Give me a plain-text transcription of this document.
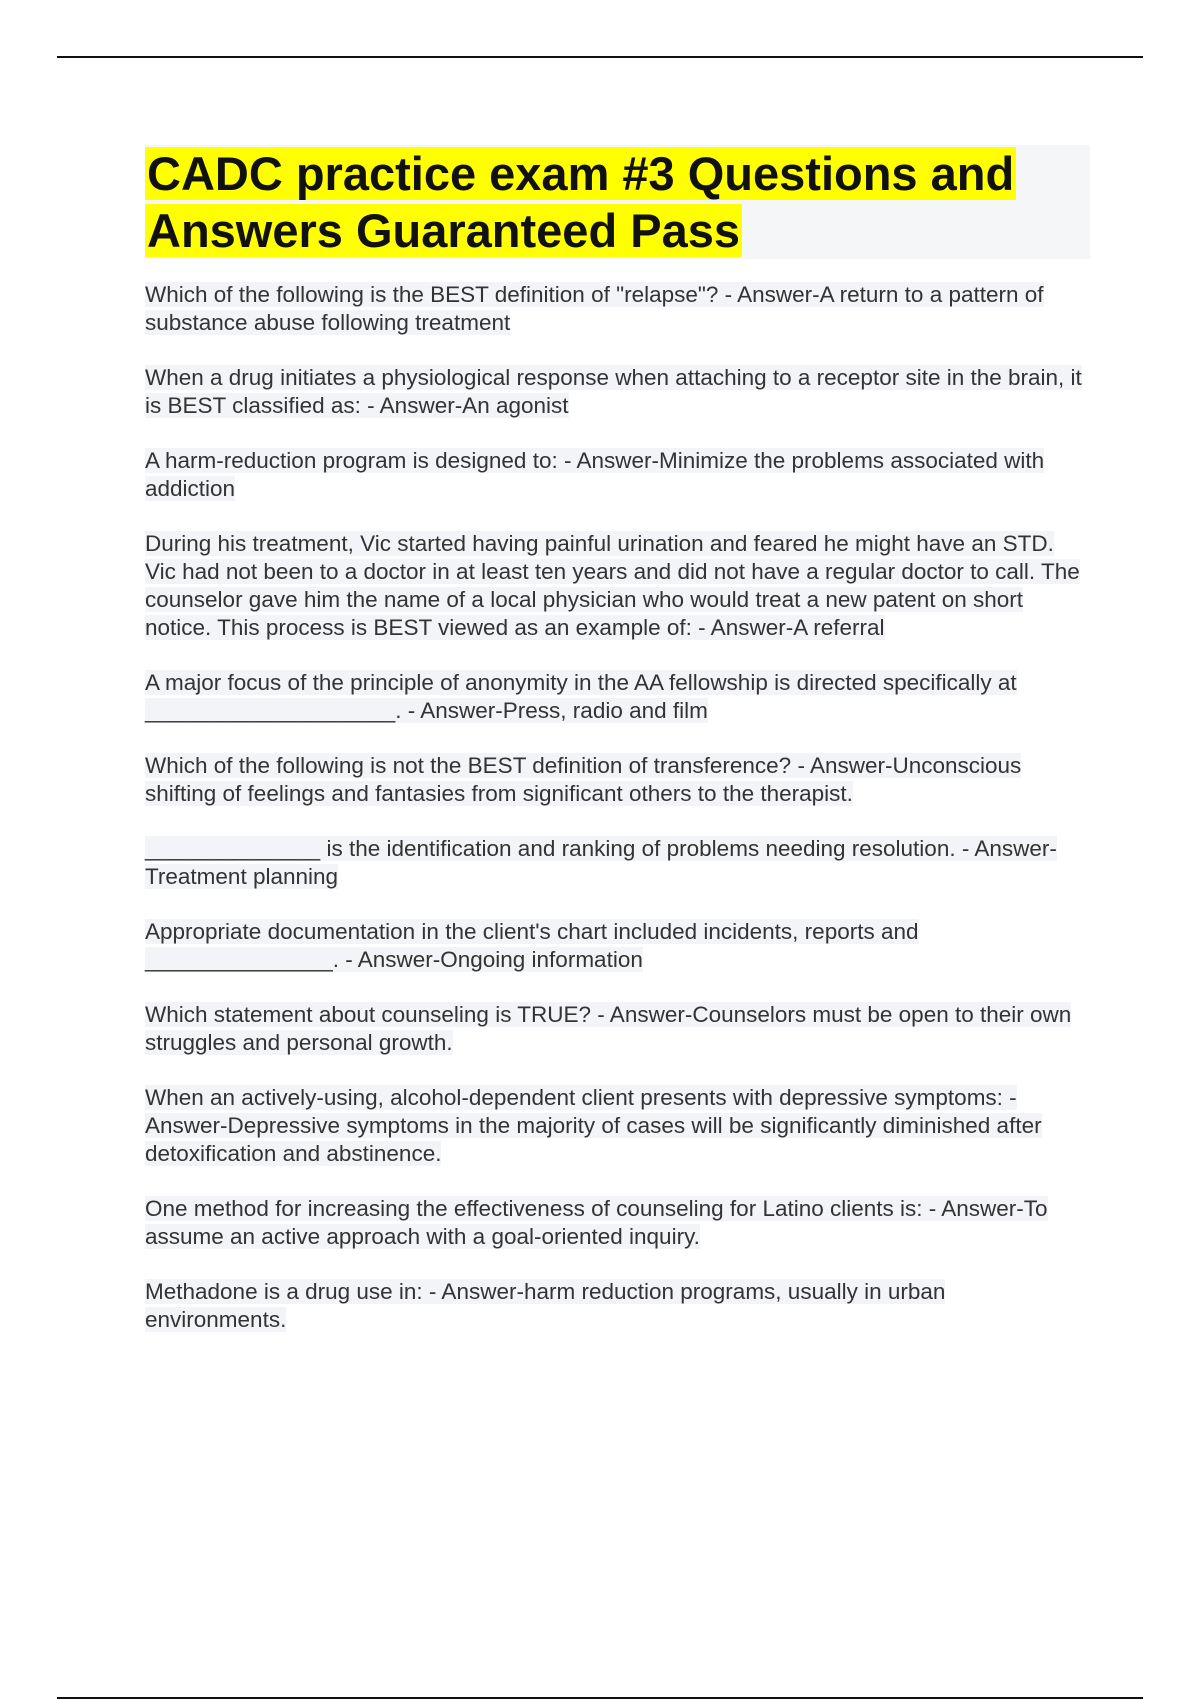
CADC practice exam #3 Questions and Answers Guaranteed Pass

Which of the following is the BEST definition of "relapse"? - Answer-A return to a pattern of substance abuse following treatment

When a drug initiates a physiological response when attaching to a receptor site in the brain, it is BEST classified as: - Answer-An agonist

A harm-reduction program is designed to: - Answer-Minimize the problems associated with addiction

During his treatment, Vic started having painful urination and feared he might have an STD. Vic had not been to a doctor in at least ten years and did not have a regular doctor to call. The counselor gave him the name of a local physician who would treat a new patent on short notice. This process is BEST viewed as an example of: - Answer-A referral

A major focus of the principle of anonymity in the AA fellowship is directed specifically at ____________________. - Answer-Press, radio and film

Which of the following is not the BEST definition of transference? - Answer-Unconscious shifting of feelings and fantasies from significant others to the therapist.

______________ is the identification and ranking of problems needing resolution. - Answer-Treatment planning

Appropriate documentation in the client's chart included incidents, reports and _______________. - Answer-Ongoing information

Which statement about counseling is TRUE? - Answer-Counselors must be open to their own struggles and personal growth.

When an actively-using, alcohol-dependent client presents with depressive symptoms: - Answer-Depressive symptoms in the majority of cases will be significantly diminished after detoxification and abstinence.

One method for increasing the effectiveness of counseling for Latino clients is: - Answer-To assume an active approach with a goal-oriented inquiry.

Methadone is a drug use in: - Answer-harm reduction programs, usually in urban environments.
